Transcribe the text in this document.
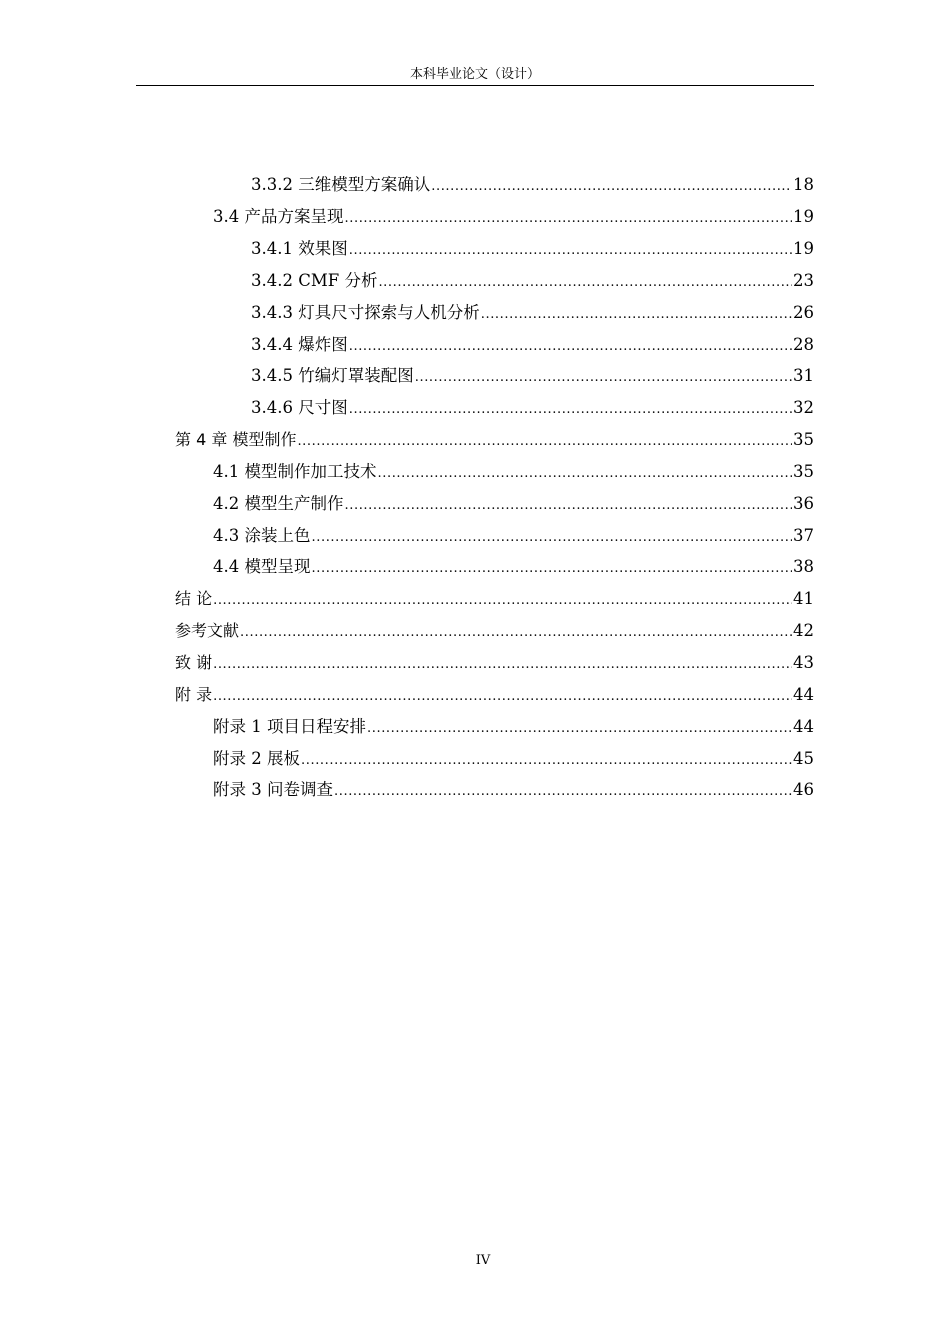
本科毕业论文（设计）
3.3.2 三维模型方案确认 .....	18
3.4 产品方案呈现 .....	19
3.4.1 效果图 .....	19
3.4.2 CMF 分析 .....	23
3.4.3 灯具尺寸探索与人机分析 .....	26
3.4.4 爆炸图 .....	28
3.4.5 竹编灯罩装配图 .....	31
3.4.6 尺寸图 .....	32
第 4 章 模型制作 .....	35
4.1 模型制作加工技术 .....	35
4.2 模型生产制作 .....	36
4.3 涂装上色 .....	37
4.4 模型呈现 .....	38
结 论 .....	41
参考文献 .....	42
致 谢 .....	43
附 录 .....	44
附录 1 项目日程安排 .....	44
附录 2 展板 .....	45
附录 3 问卷调查 .....	46
IV
